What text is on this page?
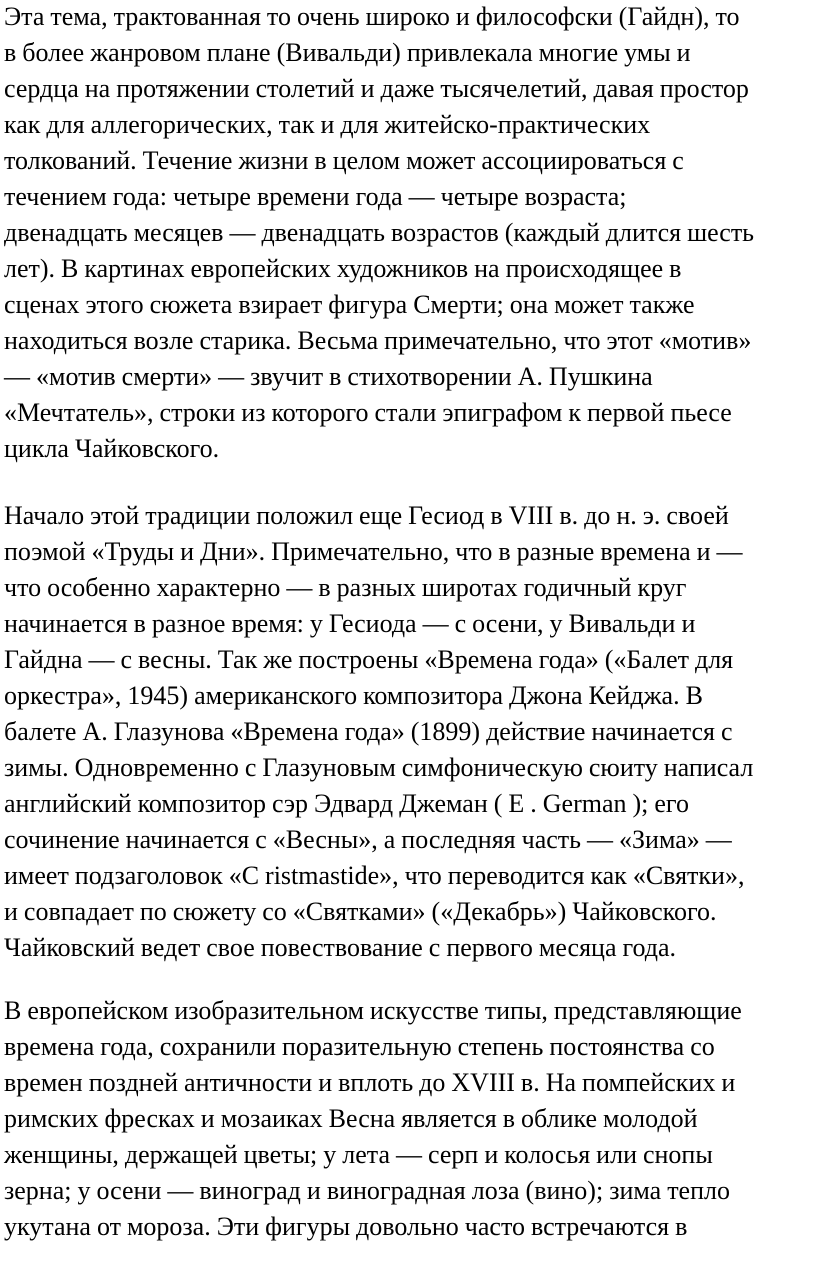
Эта тема, трактованная то очень широко и философски (Гайдн), то
в более жанровом плане (Вивальди) привлекала многие умы и
сердца на протяжении столетий и даже тысячелетий, давая простор
как для аллегорических, так и для житейско-практических
толкований. Течение жизни в целом может ассоциироваться с
течением года: четыре времени года — четыре возраста;
двенадцать месяцев — двенадцать возрастов (каждый длится шесть
лет). В картинах европейских художников на происходящее в
сценах этого сюжета взирает фигура Смерти; она может также
находиться возле старика. Весьма примечательно, что этот «мотив»
— «мотив смерти» — звучит в стихотворении А. Пушкина
«Мечтатель», строки из которого стали эпиграфом к первой пьесе
цикла Чайковского.

Начало этой традиции положил еще Гесиод в VIII в. до н. э. своей
поэмой «Труды и Дни». Примечательно, что в разные времена и —
что особенно характерно — в разных широтах годичный круг
начинается в разное время: у Гесиода — с осени, у Вивальди и
Гайдна — с весны. Так же построены «Времена года» («Балет для
оркестра», 1945) американского композитора Джона Кейджа. В
балете А. Глазунова «Времена года» (1899) действие начинается с
зимы. Одновременно с Глазуновым симфоническую сюиту написал
английский композитор сэр Эдвард Джеман ( E . German ); его
сочинение начинается с «Весны», а последняя часть — «Зима» —
имеет подзаголовок «C ristmastide», что переводится как «Святки»,
и совпадает по сюжету со «Святками» («Декабрь») Чайковского.
Чайковский ведет свое повествование с первого месяца года.

В европейском изобразительном искусстве типы, представляющие
времена года, сохранили поразительную степень постоянства со
времен поздней античности и вплоть до XVIII в. На помпейских и
римских фресках и мозаиках Весна является в облике молодой
женщины, держащей цветы; у лета — серп и колосья или снопы
зерна; у осени — виноград и виноградная лоза (вино); зима тепло
укутана от мороза. Эти фигуры довольно часто встречаются в
